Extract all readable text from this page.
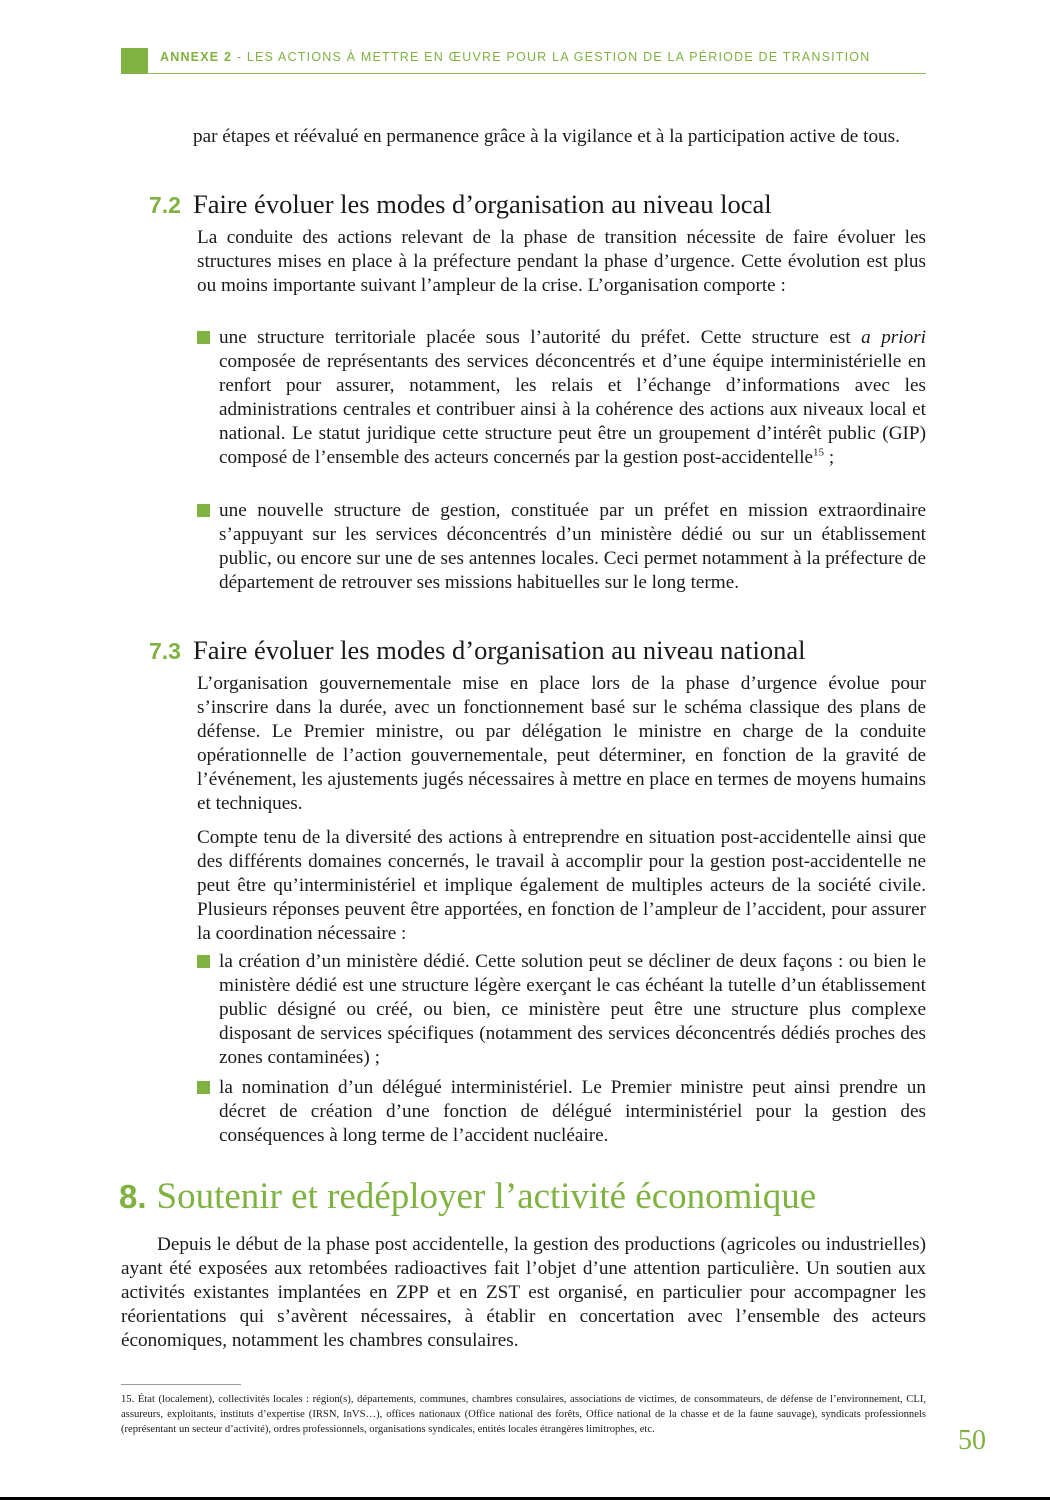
ANNEXE 2 - LES ACTIONS À METTRE EN ŒUVRE POUR LA GESTION DE LA PÉRIODE DE TRANSITION
par étapes et réévalué en permanence grâce à la vigilance et à la participation active de tous.
7.2 Faire évoluer les modes d’organisation au niveau local
La conduite des actions relevant de la phase de transition nécessite de faire évoluer les structures mises en place à la préfecture pendant la phase d’urgence. Cette évolution est plus ou moins importante suivant l’ampleur de la crise. L’organisation comporte :
une structure territoriale placée sous l’autorité du préfet. Cette structure est a priori composée de représentants des services déconcentrés et d’une équipe interministérielle en renfort pour assurer, notamment, les relais et l’échange d’informations avec les administrations centrales et contribuer ainsi à la cohérence des actions aux niveaux local et national. Le statut juridique cette structure peut être un groupement d’intérêt public (GIP) composé de l’ensemble des acteurs concernés par la gestion post-accidentelle$^{15}$ ;
une nouvelle structure de gestion, constituée par un préfet en mission extraordinaire s’appuyant sur les services déconcentrés d’un ministère dédié ou sur un établissement public, ou encore sur une de ses antennes locales. Ceci permet notamment à la préfecture de département de retrouver ses missions habituelles sur le long terme.
7.3 Faire évoluer les modes d’organisation au niveau national
L’organisation gouvernementale mise en place lors de la phase d’urgence évolue pour s’inscrire dans la durée, avec un fonctionnement basé sur le schéma classique des plans de défense. Le Premier ministre, ou par délégation le ministre en charge de la conduite opérationnelle de l’action gouvernementale, peut déterminer, en fonction de la gravité de l’événement, les ajustements jugés nécessaires à mettre en place en termes de moyens humains et techniques.
Compte tenu de la diversité des actions à entreprendre en situation post-accidentelle ainsi que des différents domaines concernés, le travail à accomplir pour la gestion post-accidentelle ne peut être qu’interministériel et implique également de multiples acteurs de la société civile. Plusieurs réponses peuvent être apportées, en fonction de l’ampleur de l’accident, pour assurer la coordination nécessaire :
la création d’un ministère dédié. Cette solution peut se décliner de deux façons : ou bien le ministère dédié est une structure légère exerçant le cas échéant la tutelle d’un établissement public désigné ou créé, ou bien, ce ministère peut être une structure plus complexe disposant de services spécifiques (notamment des services déconcentrés dédiés proches des zones contaminées) ;
la nomination d’un délégué interministériel. Le Premier ministre peut ainsi prendre un décret de création d’une fonction de délégué interministériel pour la gestion des conséquences à long terme de l’accident nucléaire.
8. Soutenir et redéployer l’activité économique
Depuis le début de la phase post accidentelle, la gestion des productions (agricoles ou industrielles) ayant été exposées aux retombées radioactives fait l’objet d’une attention particulière. Un soutien aux activités existantes implantées en ZPP et en ZST est organisé, en particulier pour accompagner les réorientations qui s’avèrent nécessaires, à établir en concertation avec l’ensemble des acteurs économiques, notamment les chambres consulaires.
15. État (localement), collectivités locales : région(s), départements, communes, chambres consulaires, associations de victimes, de consommateurs, de défense de l’environnement, CLI, assureurs, exploitants, instituts d’expertise (IRSN, InVS…), offices nationaux (Office national des forêts, Office national de la chasse et de la faune sauvage), syndicats professionnels (représentant un secteur d’activité), ordres professionnels, organisations syndicales, entités locales étrangères limitrophes, etc.	50
